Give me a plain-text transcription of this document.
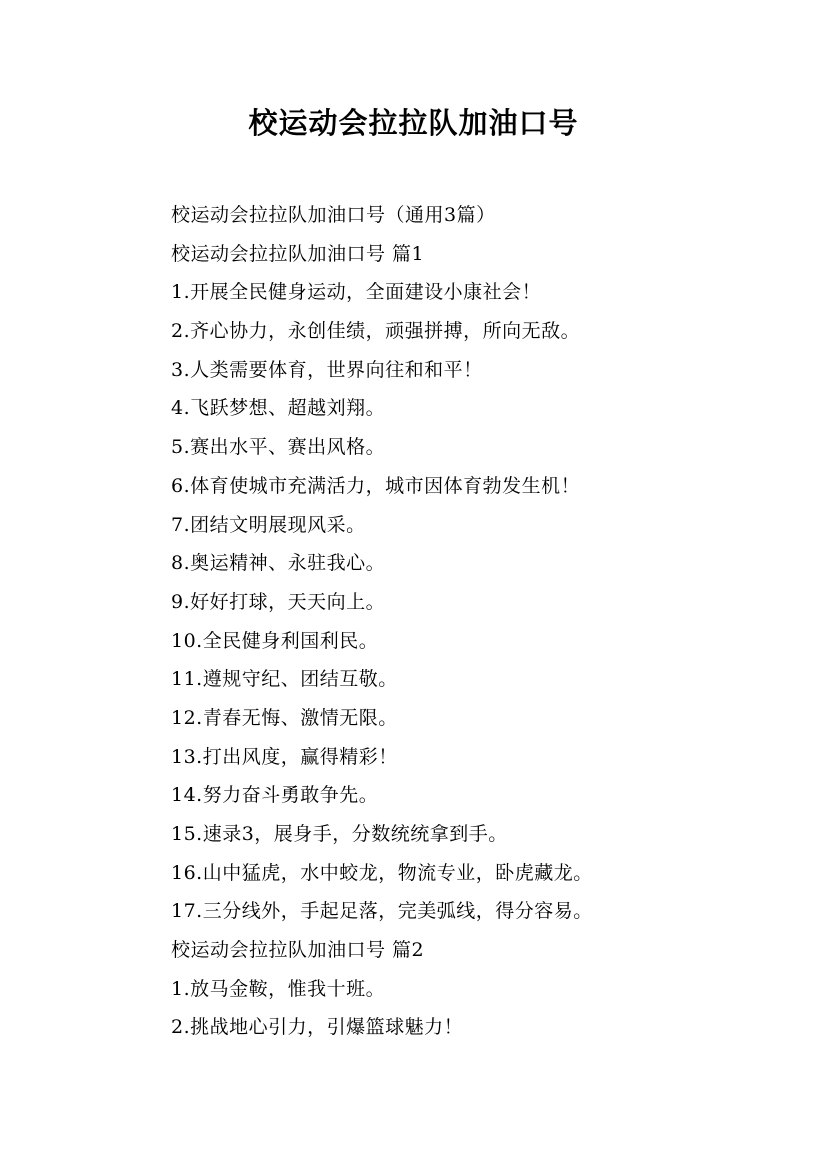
校运动会拉拉队加油口号
校运动会拉拉队加油口号（通用3篇）
校运动会拉拉队加油口号 篇1
1.开展全民健身运动，全面建设小康社会！
2.齐心协力，永创佳绩，顽强拼搏，所向无敌。
3.人类需要体育，世界向往和和平！
4.飞跃梦想、超越刘翔。
5.赛出水平、赛出风格。
6.体育使城市充满活力，城市因体育勃发生机！
7.团结文明展现风采。
8.奥运精神、永驻我心。
9.好好打球，天天向上。
10.全民健身利国利民。
11.遵规守纪、团结互敬。
12.青春无悔、激情无限。
13.打出风度，赢得精彩！
14.努力奋斗勇敢争先。
15.速录3，展身手，分数统统拿到手。
16.山中猛虎，水中蛟龙，物流专业，卧虎藏龙。
17.三分线外，手起足落，完美弧线，得分容易。
校运动会拉拉队加油口号 篇2
1.放马金鞍，惟我十班。
2.挑战地心引力，引爆篮球魅力！
